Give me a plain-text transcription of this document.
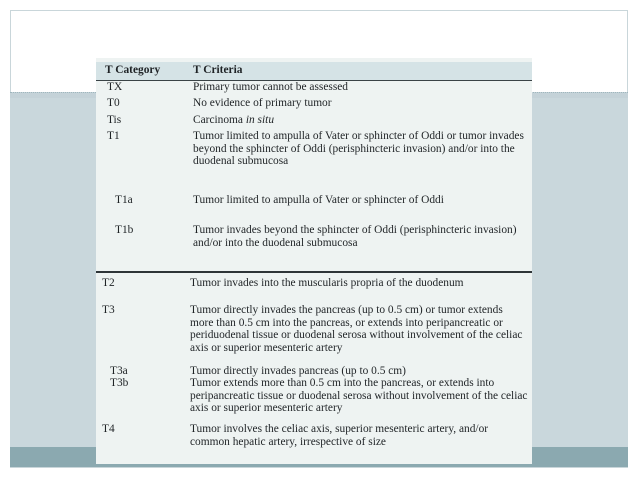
T Category	T Criteria
TX	Primary tumor cannot be assessed
T0	No evidence of primary tumor
Tis	Carcinoma in situ
T1	Tumor limited to ampulla of Vater or sphincter of Oddi or tumor invades beyond the sphincter of Oddi (perisphincteric invasion) and/or into the duodenal submucosa
T1a	Tumor limited to ampulla of Vater or sphincter of Oddi
T1b	Tumor invades beyond the sphincter of Oddi (perisphincteric invasion) and/or into the duodenal submucosa
T2	Tumor invades into the muscularis propria of the duodenum
T3	Tumor directly invades the pancreas (up to 0.5 cm) or tumor extends more than 0.5 cm into the pancreas, or extends into peripancreatic or periduodenal tissue or duodenal serosa without involvement of the celiac axis or superior mesenteric artery
T3a	Tumor directly invades pancreas (up to 0.5 cm)
T3b	Tumor extends more than 0.5 cm into the pancreas, or extends into peripancreatic tissue or duodenal serosa without involvement of the celiac axis or superior mesenteric artery
T4	Tumor involves the celiac axis, superior mesenteric artery, and/or common hepatic artery, irrespective of size
